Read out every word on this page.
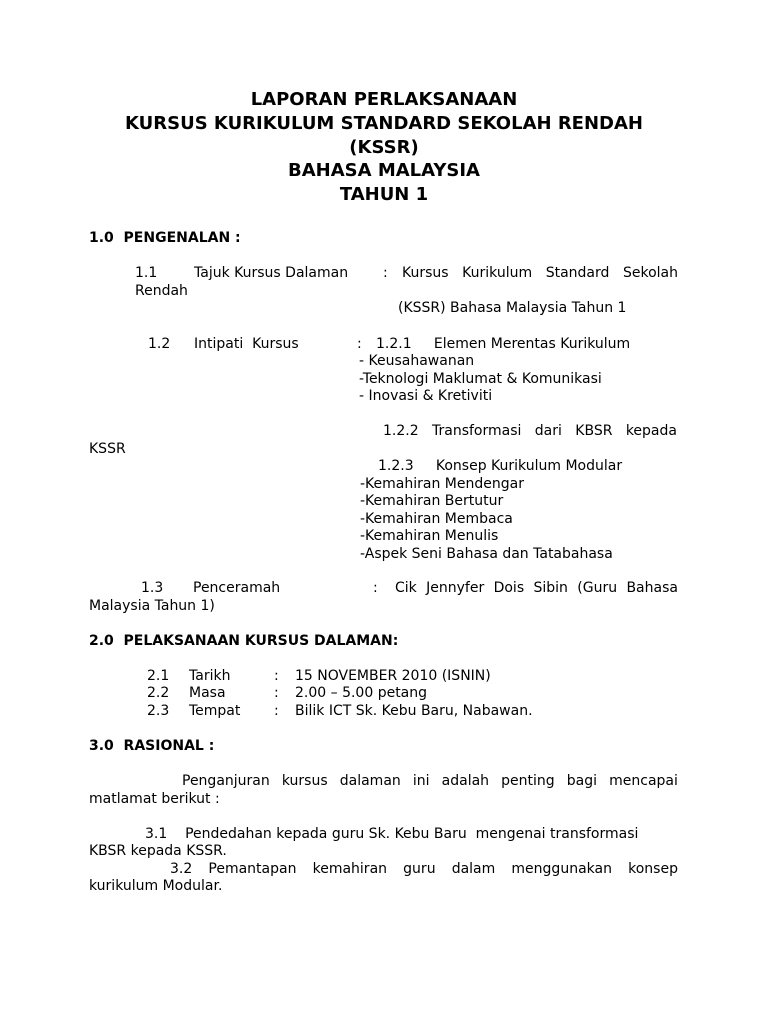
LAPORAN PERLAKSANAAN
KURSUS KURIKULUM STANDARD SEKOLAH RENDAH
(KSSR)
BAHASA MALAYSIA
TAHUN 1
1.0  PENGENALAN :
1.1	Tajuk Kursus Dalaman : Kursus Kurikulum Standard Sekolah
Rendah
(KSSR) Bahasa Malaysia Tahun 1
1.2 Intipati  Kursus	: 1.2.1     Elemen Merentas Kurikulum
- Keusahawanan
-Teknologi Maklumat & Komunikasi
- Inovasi & Kretiviti
1.2.2 Transformasi dari KBSR kepada
KSSR
1.2.3     Konsep Kurikulum Modular
-Kemahiran Mendengar
-Kemahiran Bertutur
-Kemahiran Membaca
-Kemahiran Menulis
-Aspek Seni Bahasa dan Tatabahasa
1.3 Penceramah	: Cik Jennyfer Dois Sibin (Guru Bahasa
Malaysia Tahun 1)
2.0  PELAKSANAAN KURSUS DALAMAN:
2.1 Tarikh	: 15 NOVEMBER 2010 (ISNIN)
2.2 Masa	: 2.00 – 5.00 petang
2.3 Tempat : Bilik ICT Sk. Kebu Baru, Nabawan.
3.0  RASIONAL :
Penganjuran kursus dalaman ini adalah penting bagi mencapai
matlamat berikut :
3.1    Pendedahan kepada guru Sk. Kebu Baru  mengenai transformasi
KBSR kepada KSSR.
3.2 Pemantapan kemahiran guru dalam menggunakan konsep
kurikulum Modular.
